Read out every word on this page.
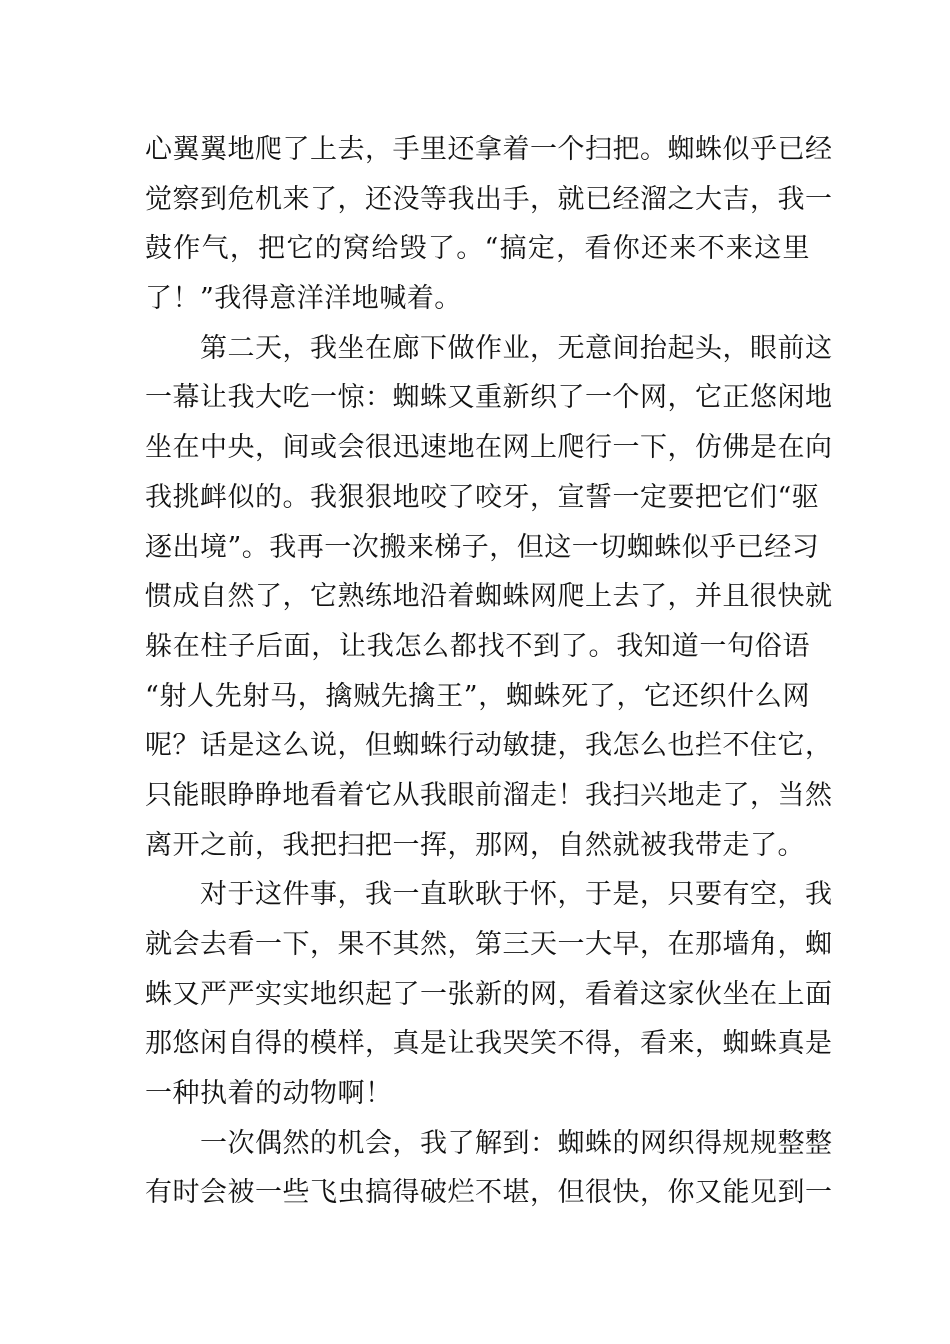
心翼翼地爬了上去，手里还拿着一个扫把。蜘蛛似乎已经
觉察到危机来了，还没等我出手，就已经溜之大吉，我一
鼓作气，把它的窝给毁了。“搞定，看你还来不来这里
了！”我得意洋洋地喊着。
第二天，我坐在廊下做作业，无意间抬起头，眼前这
一幕让我大吃一惊：蜘蛛又重新织了一个网，它正悠闲地
坐在中央，间或会很迅速地在网上爬行一下，仿佛是在向
我挑衅似的。我狠狠地咬了咬牙，宣誓一定要把它们“驱
逐出境”。我再一次搬来梯子，但这一切蜘蛛似乎已经习
惯成自然了，它熟练地沿着蜘蛛网爬上去了，并且很快就
躲在柱子后面，让我怎么都找不到了。我知道一句俗语
“射人先射马，擒贼先擒王”，蜘蛛死了，它还织什么网
呢？话是这么说，但蜘蛛行动敏捷，我怎么也拦不住它，
只能眼睁睁地看着它从我眼前溜走！我扫兴地走了，当然
离开之前，我把扫把一挥，那网，自然就被我带走了。
对于这件事，我一直耿耿于怀，于是，只要有空，我
就会去看一下，果不其然，第三天一大早，在那墙角，蜘
蛛又严严实实地织起了一张新的网，看着这家伙坐在上面
那悠闲自得的模样，真是让我哭笑不得，看来，蜘蛛真是
一种执着的动物啊！
一次偶然的机会，我了解到：蜘蛛的网织得规规整整
有时会被一些飞虫搞得破烂不堪，但很快，你又能见到一
